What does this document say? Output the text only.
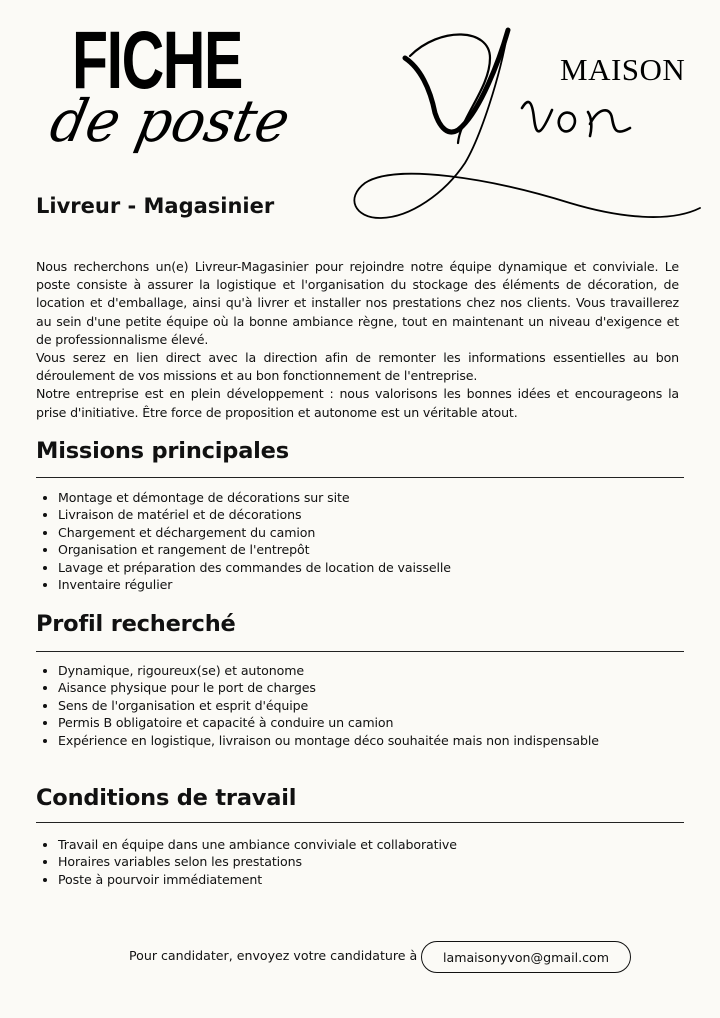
FICHE
de poste
MAISON
Livreur - Magasinier

Nous recherchons un(e) Livreur-Magasinier pour rejoindre notre équipe dynamique et conviviale. Le poste consiste à assurer la logistique et l'organisation du stockage des éléments de décoration, de location et d'emballage, ainsi qu'à livrer et installer nos prestations chez nos clients. Vous travaillerez au sein d'une petite équipe où la bonne ambiance règne, tout en maintenant un niveau d'exigence et de professionnalisme élevé.

Vous serez en lien direct avec la direction afin de remonter les informations essentielles au bon déroulement de vos missions et au bon fonctionnement de l'entreprise.

Notre entreprise est en plein développement : nous valorisons les bonnes idées et encourageons la prise d'initiative. Être force de proposition et autonome est un véritable atout.

Missions principales
• Montage et démontage de décorations sur site
• Livraison de matériel et de décorations
• Chargement et déchargement du camion
• Organisation et rangement de l'entrepôt
• Lavage et préparation des commandes de location de vaisselle
• Inventaire régulier
Profil recherché
• Dynamique, rigoureux(se) et autonome
• Aisance physique pour le port de charges
• Sens de l'organisation et esprit d'équipe
• Permis B obligatoire et capacité à conduire un camion
• Expérience en logistique, livraison ou montage déco souhaitée mais non indispensable
Conditions de travail
• Travail en équipe dans une ambiance conviviale et collaborative
• Horaires variables selon les prestations
• Poste à pourvoir immédiatement
Pour candidater, envoyez votre candidature à	lamaisonyvon@gmail.com
